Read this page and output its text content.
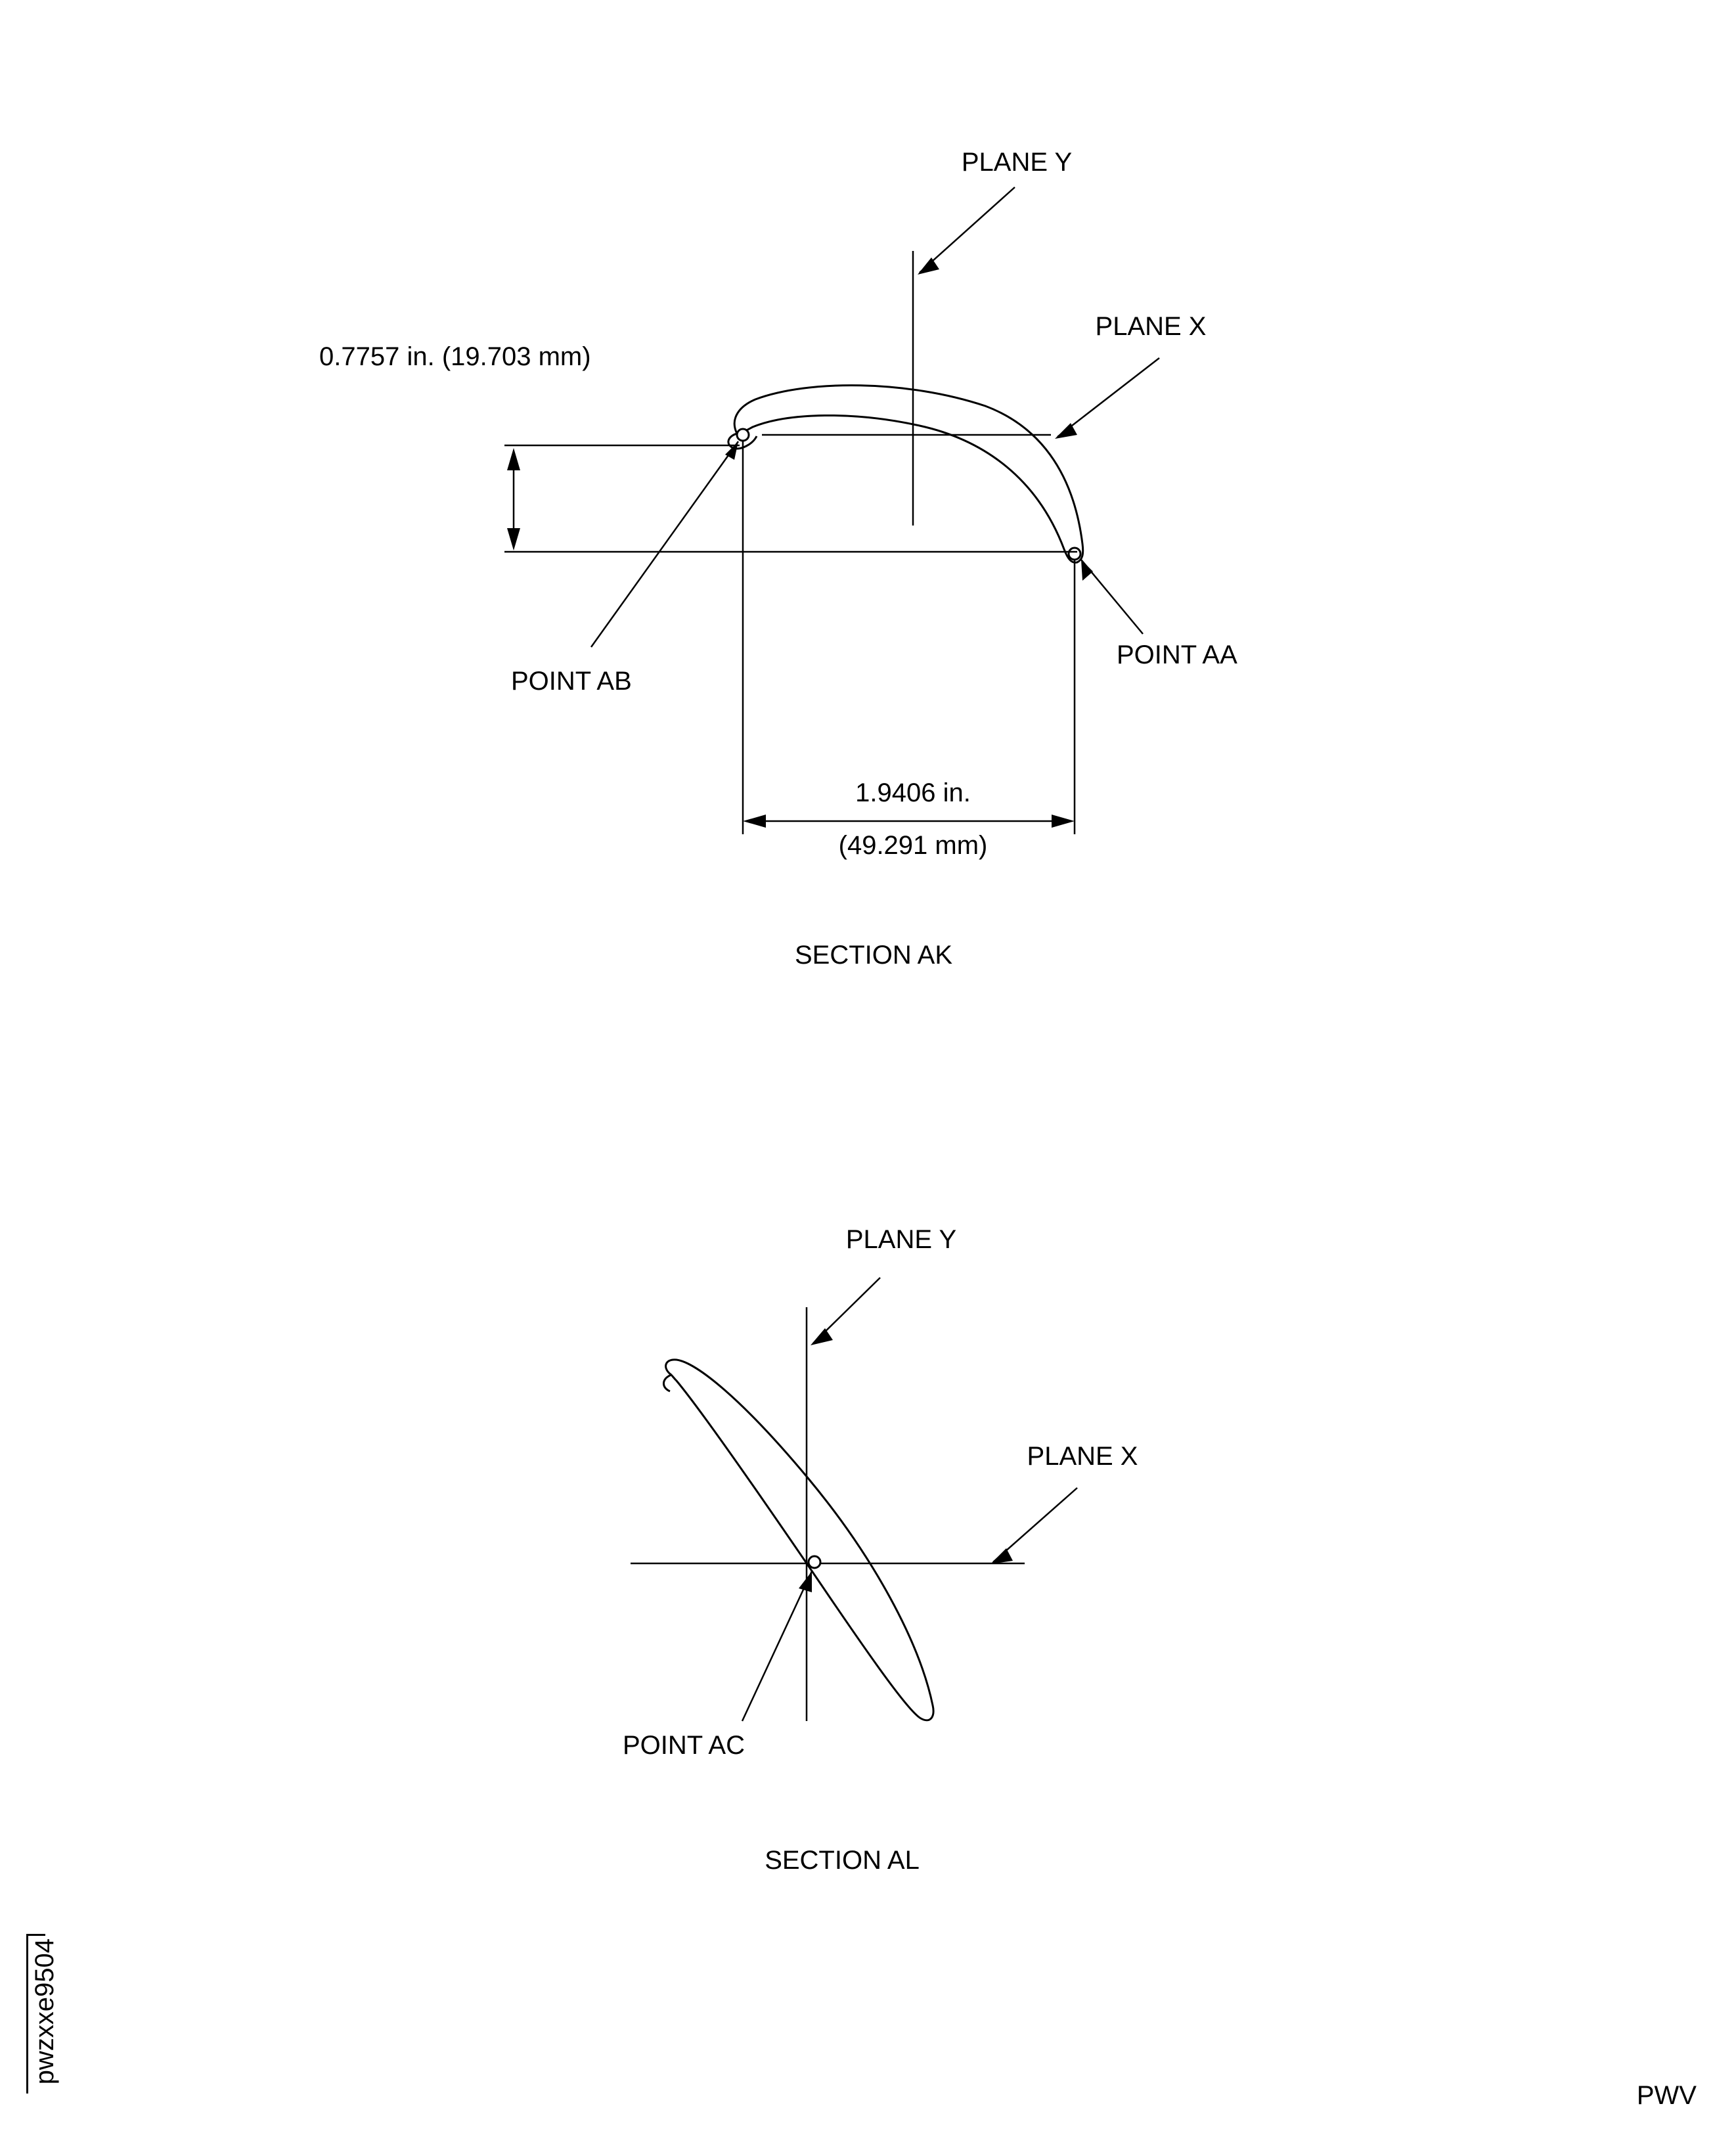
PLANE Y
PLANE X
0.7757 in. (19.703 mm)
POINT AB
POINT AA
1.9406 in.
(49.291 mm)
SECTION AK
PLANE Y
PLANE X
POINT AC
SECTION AL
pwzxxe9504
PWV
